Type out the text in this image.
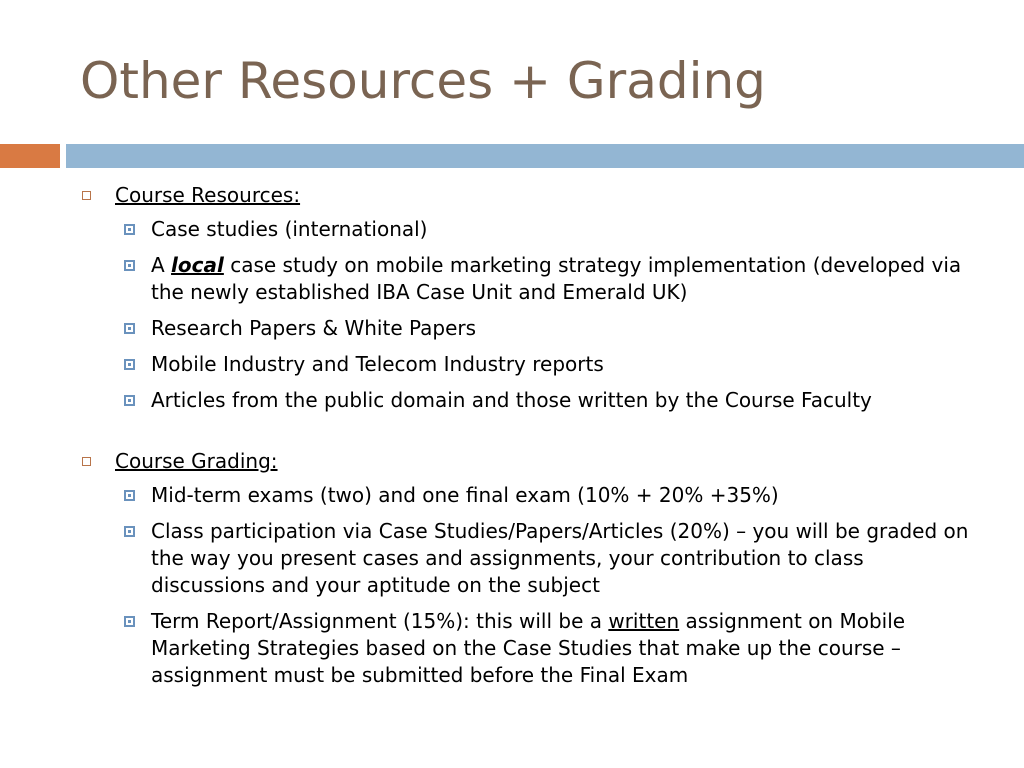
Other Resources + Grading
Course Resources:
Case studies (international)
A local case study on mobile marketing strategy implementation (developed via the newly established IBA Case Unit and Emerald UK)
Research Papers & White Papers
Mobile Industry and Telecom Industry reports
Articles from the public domain and those written by the Course Faculty
Course Grading:
Mid-term exams (two) and one final exam (10% + 20% +35%)
Class participation via Case Studies/Papers/Articles (20%) – you will be graded on the way you present cases and assignments, your contribution to class discussions and your aptitude on the subject
Term Report/Assignment (15%): this will be a written assignment on Mobile Marketing Strategies based on the Case Studies that make up the course – assignment must be submitted before the Final Exam
